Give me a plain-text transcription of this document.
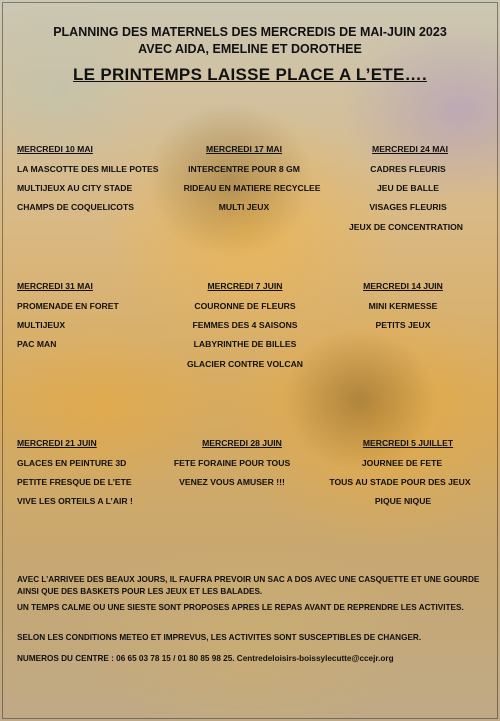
PLANNING DES MATERNELS DES MERCREDIS DE MAI-JUIN 2023
AVEC AIDA, EMELINE ET DOROTHEE
LE PRINTEMPS LAISSE PLACE A L’ETE….
MERCREDI 10 MAI
LA MASCOTTE DES MILLE POTES
MULTIJEUX AU CITY STADE
CHAMPS DE COQUELICOTS
MERCREDI 17 MAI
INTERCENTRE POUR 8 GM
RIDEAU EN MATIERE RECYCLEE
MULTI JEUX
MERCREDI 24 MAI
CADRES FLEURIS
JEU DE BALLE
VISAGES FLEURIS
JEUX DE CONCENTRATION
MERCREDI 31 MAI
PROMENADE EN FORET
MULTIJEUX
PAC MAN
MERCREDI 7 JUIN
COURONNE DE FLEURS
FEMMES DES 4 SAISONS
LABYRINTHE DE BILLES
GLACIER CONTRE VOLCAN
MERCREDI 14 JUIN
MINI KERMESSE
PETITS JEUX
MERCREDI 21 JUIN
GLACES EN PEINTURE 3D
PETITE FRESQUE DE L’ETE
VIVE LES ORTEILS A L’AIR !
MERCREDI 28 JUIN
FETE FORAINE POUR TOUS
VENEZ VOUS AMUSER !!!
MERCREDI 5 JUILLET
JOURNEE DE FETE
TOUS AU STADE POUR DES JEUX
PIQUE NIQUE
AVEC L’ARRIVEE DES BEAUX JOURS, IL FAUFRA PREVOIR UN SAC A DOS AVEC UNE CASQUETTE ET UNE GOURDE AINSI QUE DES BASKETS POUR LES JEUX ET LES BALADES.
UN TEMPS CALME OU UNE SIESTE SONT PROPOSES APRES LE REPAS AVANT DE REPRENDRE LES ACTIVITES.
SELON LES CONDITIONS METEO ET IMPREVUS, LES ACTIVITES SONT SUSCEPTIBLES DE CHANGER.
NUMEROS DU CENTRE : 06 65 03 78 15 / 01 80 85 98 25. Centredeloisirs-boissylecutte@ccejr.org
